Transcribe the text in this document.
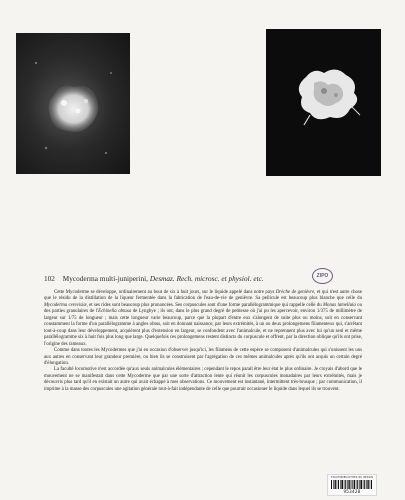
ZIPO
102 Mycoderma multi-juniperini, Desmaz. Rech. microsc. et physiol. etc.

Cette Mycoderme se développe, ordinairement au bout de six à huit jours, sur le liquide appelé dans notre pays Drèche de genièvre, et qui n'est autre chose que le résidu de la distillation de la liqueur fermentée dans la fabrication de l'eau-de-vie de genièvre. Sa pellicule est beaucoup plus blanche que celle du Mycoderma cerevisiæ, et ses rides sont beaucoup plus prononcées. Ses corpuscules sont d'une forme parallélogrammique qui rappelle celle du Monas lamellula ou des parties granulaires de l'Echinella obtusa de Lyngbye ; ils ont, dans le plus grand degré de petitesse où j'ai pu les apercevoir, environ 1/375 de millimètre de largeur sur 1/75 de longueur ; mais cette longueur varie beaucoup, parce que la plupart d'entre eux s'alongent de suite plus ou moins, soit en conservant constamment la forme d'un parallélogramme à angles obtus, soit en donnant naissance, par leurs extrémités, à un ou deux prolongemens filamenteux qui, s'arrêtant tout-à-coup dans leur développement, acquièrent plus d'extension en largeur, se confondent avec l'animalcule, et ne reprennent plus avec lui qu'un seul et même parallélogramme six à huit fois plus long que large. Quelquefois ces prolongemens restent distincts du corpuscule et offrent, par la direction oblique qu'ils ont prise, l'origine des rameaux.

Comme dans toutes les Mycodermes que j'ai eu occasion d'observer jusqu'ici, les filamens de cette espèce se composent d'animalcules qui s'unissent les uns aux autres en conservant leur grandeur première, ou bien ils se construisent par l'agrégation de ces mêmes animalcules après qu'ils ont acquis un certain degré d'élongation.

La faculté locomotive n'est accordée qu'aux seuls animalcules élémentaires ; cependant le repos paraît être leur état le plus ordinaire. Je croyais d'abord que le mouvement ne se manifestait dans cette Mycoderme que par une sorte d'attraction lente qui réunit les corpuscules monadaires par leurs extrémités, mais je découvris plus tard qu'il en existait un autre qui avait échappé à mes observations. Ce mouvement est instantané, intermittent très-brusque ; par communication, il imprime à la masse des corpuscules une agitation générale tout-à-fait indépendante de celle que pourrait occasioner le liquide dans lequel ils se trouvent.

STAATSBIBLIOTHEK ZU BERLIN
953428
